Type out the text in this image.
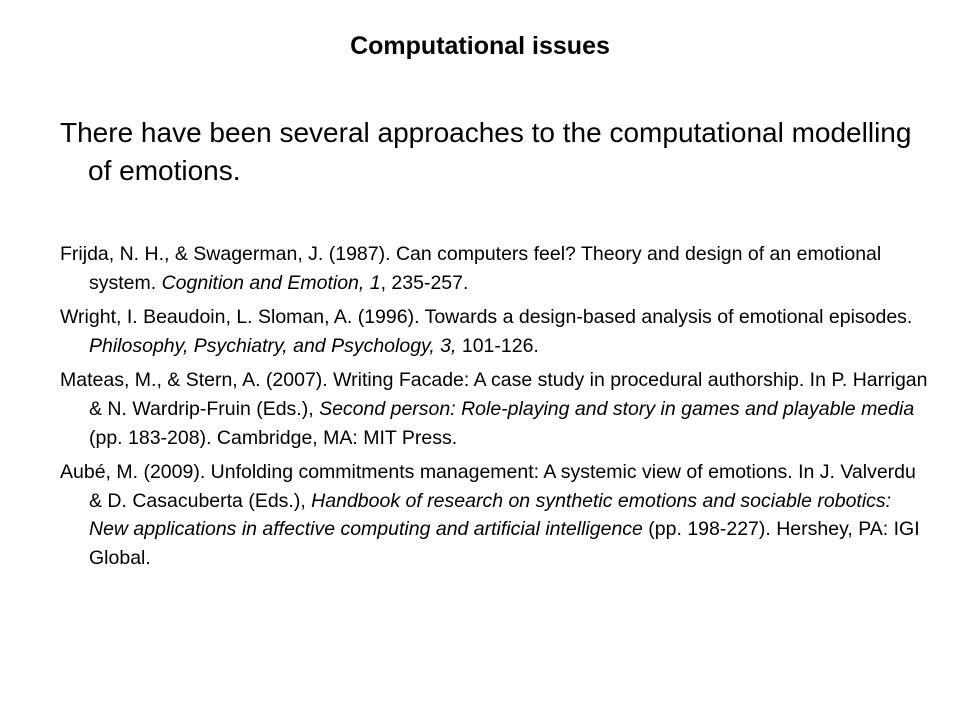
Computational issues
There have been several approaches to the computational modelling of emotions.

Frijda, N. H., & Swagerman, J. (1987). Can computers feel? Theory and design of an emotional system. Cognition and Emotion, 1, 235-257.

Wright, I. Beaudoin, L. Sloman, A. (1996). Towards a design-based analysis of emotional episodes. Philosophy, Psychiatry, and Psychology, 3, 101-126.

Mateas, M., & Stern, A. (2007). Writing Facade: A case study in procedural authorship. In P. Harrigan & N. Wardrip-Fruin (Eds.), Second person: Role-playing and story in games and playable media (pp. 183-208). Cambridge, MA: MIT Press.

Aubé, M. (2009). Unfolding commitments management: A systemic view of emotions. In J. Valverdu & D. Casacuberta (Eds.), Handbook of research on synthetic emotions and sociable robotics: New applications in affective computing and artificial intelligence (pp. 198-227). Hershey, PA: IGI Global.
